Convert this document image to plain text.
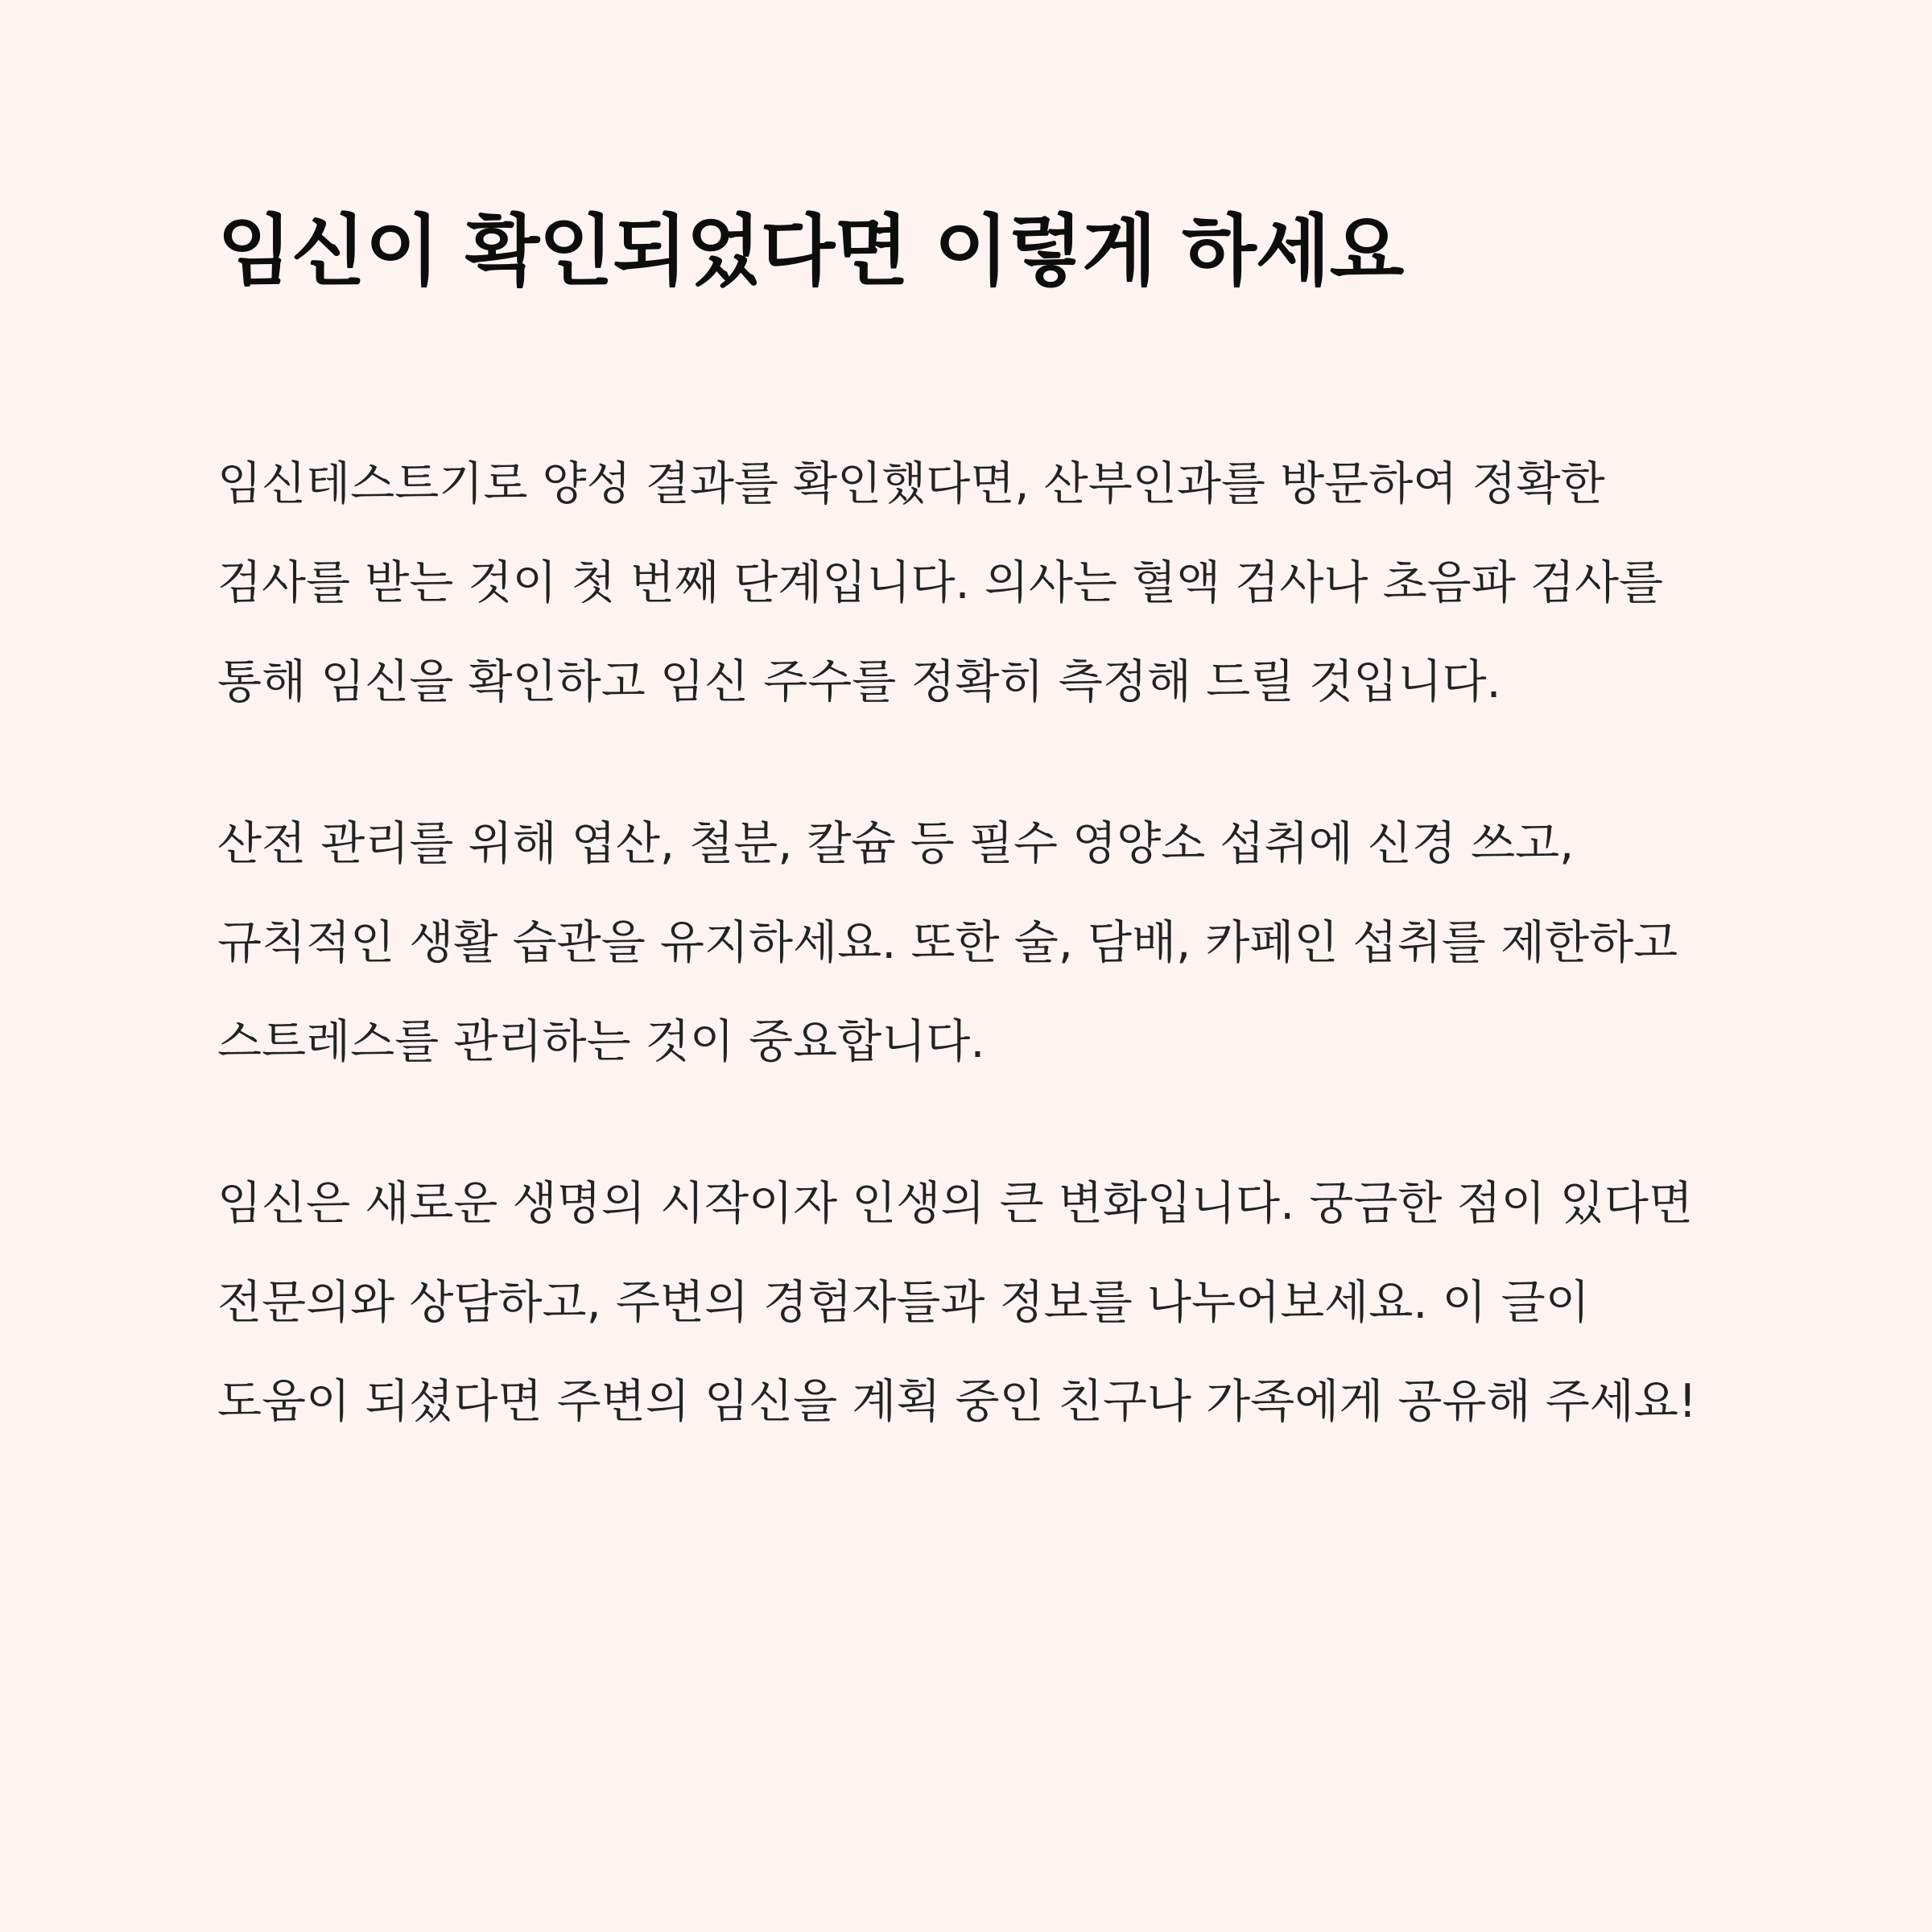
임신이 확인되었다면 이렇게 하세요

임신테스트기로 양성 결과를 확인했다면, 산부인과를 방문하여 정확한 검사를 받는 것이 첫 번째 단계입니다. 의사는 혈액 검사나 초음파 검사를 통해 임신을 확인하고 임신 주수를 정확히 측정해 드릴 것입니다.

산전 관리를 위해 엽산, 철분, 칼슘 등 필수 영양소 섭취에 신경 쓰고, 규칙적인 생활 습관을 유지하세요. 또한 술, 담배, 카페인 섭취를 제한하고 스트레스를 관리하는 것이 중요합니다.

임신은 새로운 생명의 시작이자 인생의 큰 변화입니다. 궁금한 점이 있다면 전문의와 상담하고, 주변의 경험자들과 정보를 나누어보세요. 이 글이 도움이 되셨다면 주변의 임신을 계획 중인 친구나 가족에게 공유해 주세요!
